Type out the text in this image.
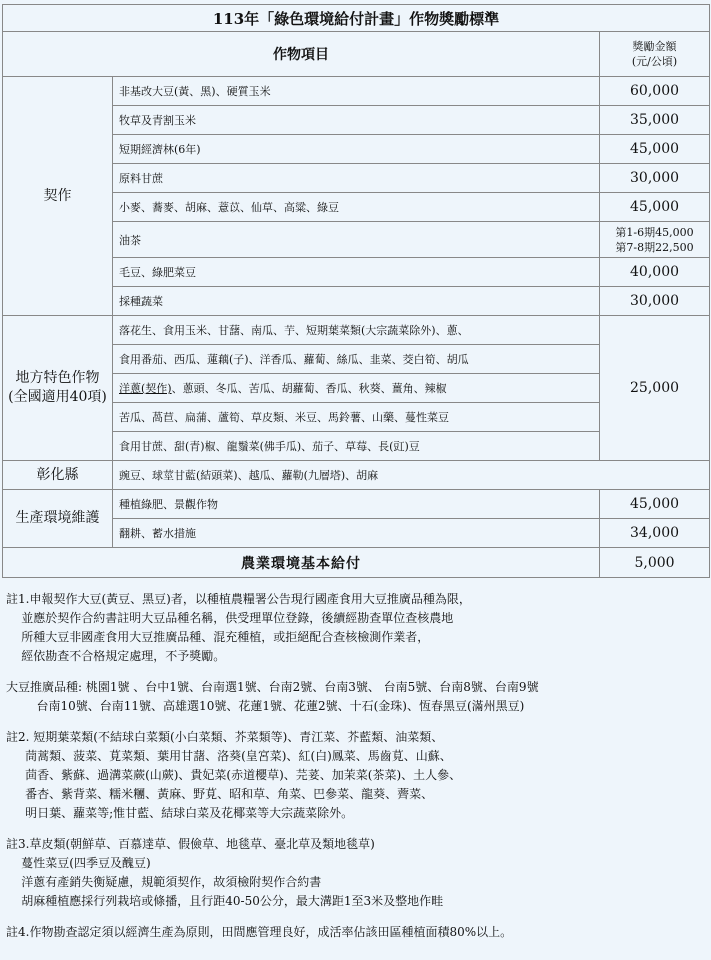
113年「綠色環境給付計畫」作物獎勵標準		
作物項目		獎勵金額
(元/公頃)

契作	非基改大豆(黃、黑)、硬質玉米	60,000
	牧草及青割玉米	35,000
	短期經濟林(6年)	45,000
	原料甘蔗	30,000
	小麥、蕎麥、胡麻、薏苡、仙草、高粱、綠豆	45,000
	油茶	第1-6期45,000
第7-8期22,500

	毛豆、綠肥菜豆	40,000
	採種蔬菜	30,000

地方特色作物
(全國適用40項)	落花生、食用玉米、甘藷、南瓜、芋、短期葉菜類(大宗蔬菜除外)、蔥、	25,000
	食用番茄、西瓜、蓮藕(子)、洋香瓜、蘿蔔、絲瓜、韭菜、茭白筍、胡瓜	
	洋蔥(契作)、蔥頭、冬瓜、苦瓜、胡蘿蔔、香瓜、秋葵、薑角、辣椒	
	苦瓜、萵苣、扁蒲、蘆筍、草皮類、米豆、馬鈴薯、山藥、蔓性菜豆	
	食用甘蔗、甜(青)椒、龍鬚菜(佛手瓜)、茄子、草莓、長(豇)豆	
彰化縣	豌豆、球莖甘藍(結頭菜)、越瓜、蘿勒(九層塔)、胡麻	
生產環境維護	種植綠肥、景觀作物	45,000
	翻耕、蓄水措施	34,000
農業環境基本給付		5,000

註1.申報契作大豆(黃豆、黑豆)者，以種植農糧署公告現行國產食用大豆推廣品種為限，

並應於契作合約書註明大豆品種名稱，供受理單位登錄，後續經勘查單位查核農地

所種大豆非國產食用大豆推廣品種、混充種植，或拒絕配合查核檢測作業者，

經依勘查不合格規定處理，不予獎勵。

大豆推廣品種: 桃園1號 、台中1號、台南選1號、台南2號、台南3號、 台南5號、台南8號、台南9號

台南10號、台南11號、高雄選10號、花蓮1號、花蓮2號、十石(金珠)、恆春黑豆(滿州黑豆)

註2. 短期葉菜類(不結球白菜類(小白菜類、芥菜類等)、青江菜、芥藍類、油菜類、

茼蒿類、菠菜、莧菜類、葉用甘藷、洛葵(皇宮菜)、紅(白)鳳菜、馬齒莧、山蘇、

茴香、紫蘇、過溝菜蕨(山蕨)、貴妃菜(赤道櫻草)、芫荽、加茉菜(茶菜)、土人參、

番杏、紫背菜、糯米糰、黃麻、野莧、昭和草、角菜、巴參菜、龍葵、薺菜、

明日葉、蘿菜等;惟甘藍、結球白菜及花椰菜等大宗蔬菜除外。

註3.草皮類(朝鮮草、百慕達草、假儉草、地毯草、臺北草及類地毯草)

蔓性菜豆(四季豆及醜豆)

洋蔥有產銷失衡疑慮，規範須契作，故須檢附契作合約書

胡麻種植應採行列栽培或條播，且行距40-50公分，最大溝距1至3米及整地作畦

註4.作物勘查認定須以經濟生產為原則，田間應管理良好，成活率佔該田區種植面積80%以上。
